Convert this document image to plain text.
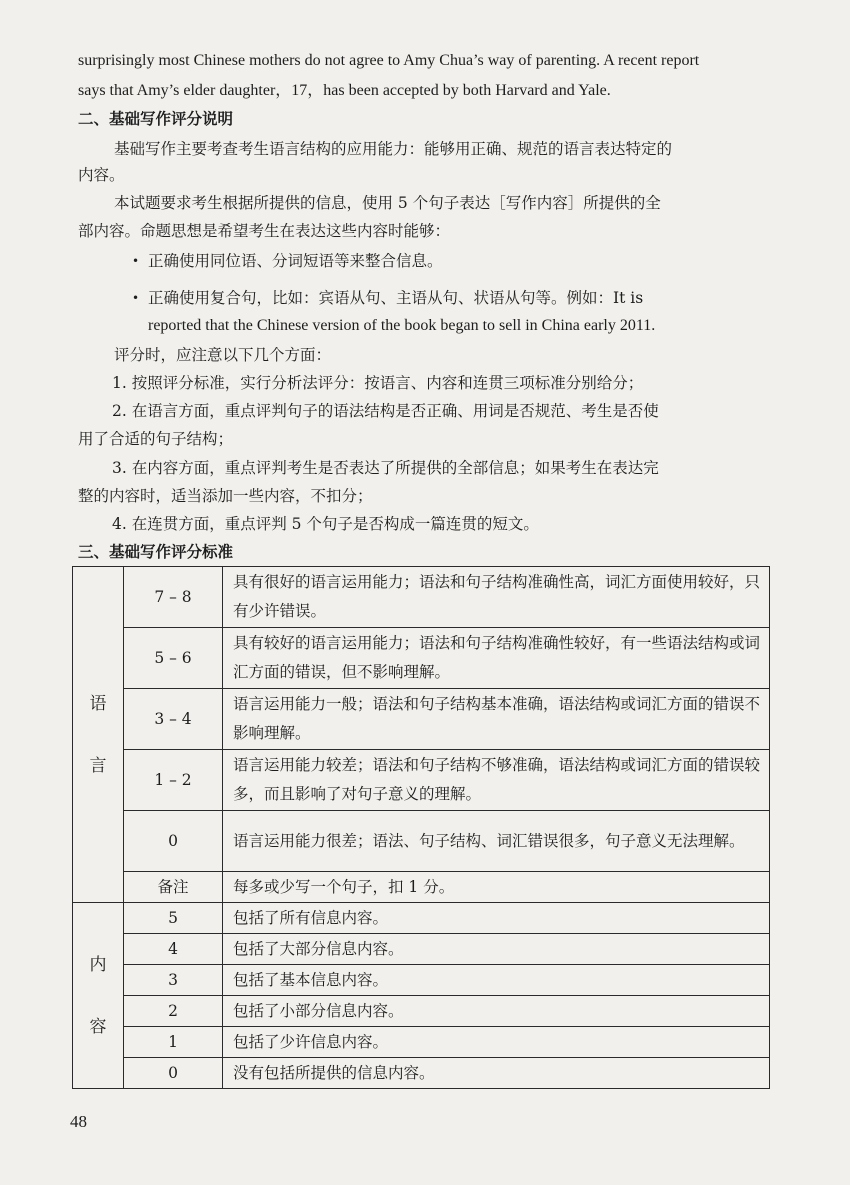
surprisingly most Chinese mothers do not agree to Amy Chua’s way of parenting. A recent report
says that Amy’s elder daughter，17，has been accepted by both Harvard and Yale.
二、基础写作评分说明
基础写作主要考查考生语言结构的应用能力：能够用正确、规范的语言表达特定的
内容。
本试题要求考生根据所提供的信息，使用 5 个句子表达［写作内容］所提供的全
部内容。命题思想是希望考生在表达这些内容时能够：
• 正确使用同位语、分词短语等来整合信息。
• 正确使用复合句，比如：宾语从句、主语从句、状语从句等。例如：It is
reported that the Chinese version of the book began to sell in China early 2011.
评分时，应注意以下几个方面：
1. 按照评分标准，实行分析法评分：按语言、内容和连贯三项标准分别给分；
2. 在语言方面，重点评判句子的语法结构是否正确、用词是否规范、考生是否使
用了合适的句子结构；
3. 在内容方面，重点评判考生是否表达了所提供的全部信息；如果考生在表达完
整的内容时，适当添加一些内容，不扣分；
4. 在连贯方面，重点评判 5 个句子是否构成一篇连贯的短文。
三、基础写作评分标准
语
言	7 – 8	具有很好的语言运用能力；语法和句子结构准确性高，词汇方面使用较好，只有少许错误。
	5 – 6	具有较好的语言运用能力；语法和句子结构准确性较好，有一些语法结构或词汇方面的错误，但不影响理解。
	3 – 4	语言运用能力一般；语法和句子结构基本准确，语法结构或词汇方面的错误不影响理解。
	1 – 2	语言运用能力较差；语法和句子结构不够准确，语法结构或词汇方面的错误较多，而且影响了对句子意义的理解。
	0	语言运用能力很差；语法、句子结构、词汇错误很多，句子意义无法理解。
	备注	每多或少写一个句子，扣 1 分。

内
容	5	包括了所有信息内容。
	4	包括了大部分信息内容。
	3	包括了基本信息内容。
	2	包括了小部分信息内容。
	1	包括了少许信息内容。
	0	没有包括所提供的信息内容。
48
